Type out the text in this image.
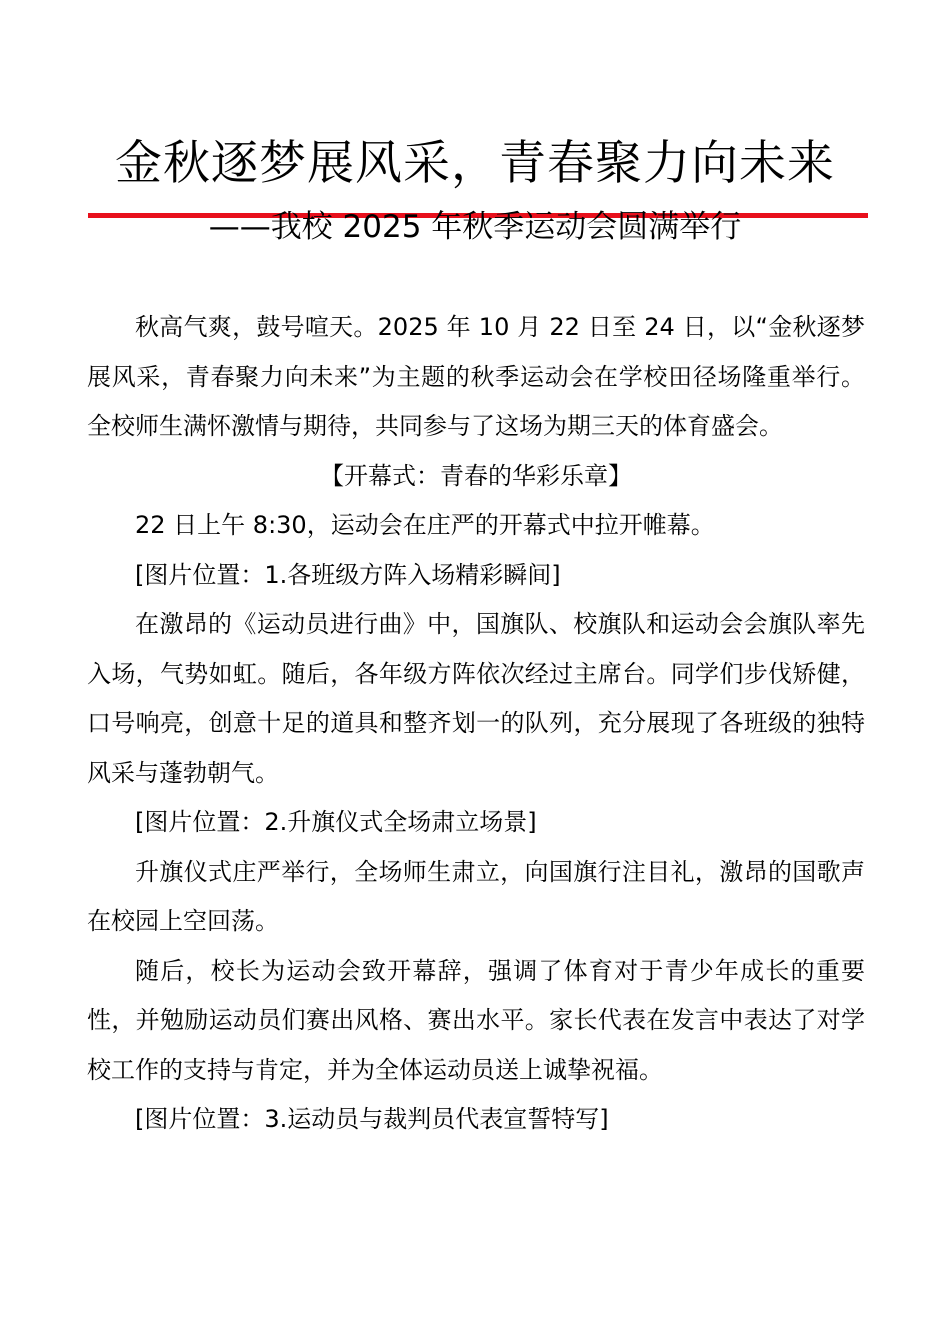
金秋逐梦展风采，青春聚力向未来
——我校 2025 年秋季运动会圆满举行

秋高气爽，鼓号喧天。2025 年 10 月 22 日至 24 日，以“金秋逐梦展风采，青春聚力向未来”为主题的秋季运动会在学校田径场隆重举行。全校师生满怀激情与期待，共同参与了这场为期三天的体育盛会。

【开幕式：青春的华彩乐章】

22 日上午 8:30，运动会在庄严的开幕式中拉开帷幕。

[图片位置：1.各班级方阵入场精彩瞬间]

在激昂的《运动员进行曲》中，国旗队、校旗队和运动会会旗队率先入场，气势如虹。随后，各年级方阵依次经过主席台。同学们步伐矫健，口号响亮，创意十足的道具和整齐划一的队列，充分展现了各班级的独特风采与蓬勃朝气。

[图片位置：2.升旗仪式全场肃立场景]

升旗仪式庄严举行，全场师生肃立，向国旗行注目礼，激昂的国歌声在校园上空回荡。

随后，校长为运动会致开幕辞，强调了体育对于青少年成长的重要性，并勉励运动员们赛出风格、赛出水平。家长代表在发言中表达了对学校工作的支持与肯定，并为全体运动员送上诚挚祝福。

[图片位置：3.运动员与裁判员代表宣誓特写]
